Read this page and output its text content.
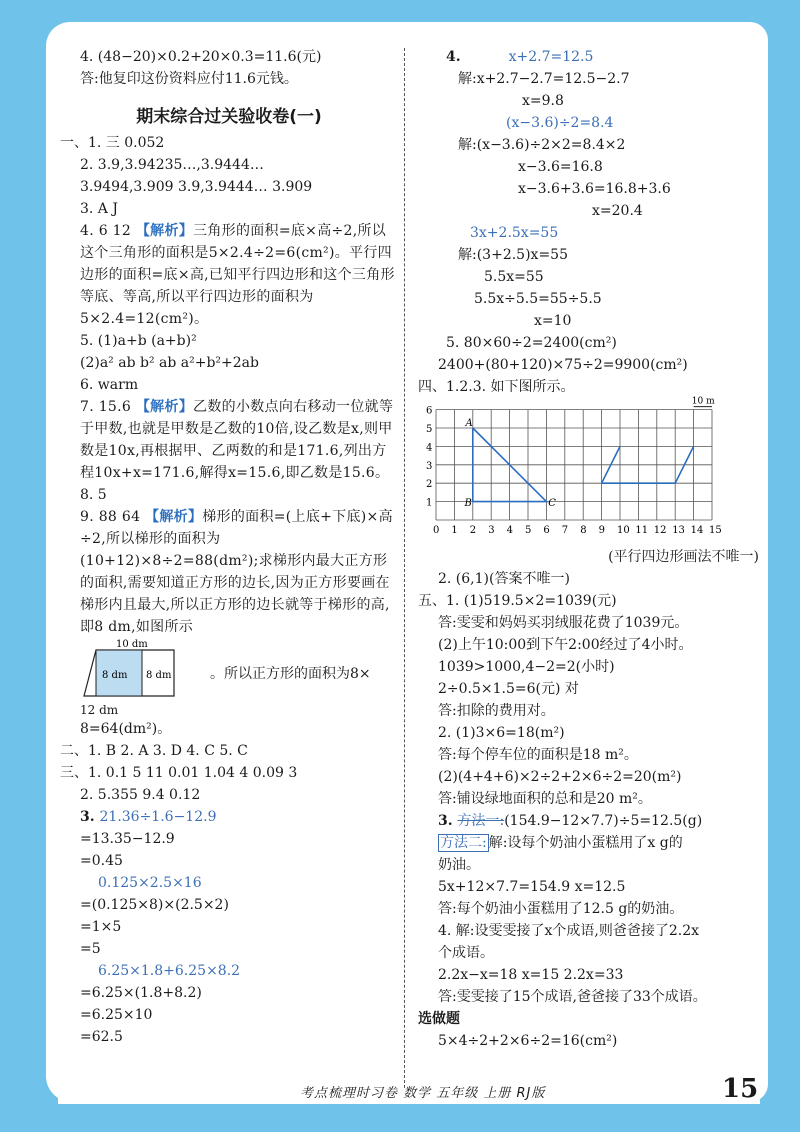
4. (48−20)×0.2+20×0.3=11.6(元)
答:他复印这份资料应付11.6元钱。
期末综合过关验收卷(一)
一、1. 三 0.052
2. 3.9,3.94235…,3.9444…
3.9494,3.909 3.9,3.9444… 3.909
3. A J
4. 6 12 【解析】三角形的面积=底×高÷2,所以这个三角形的面积是5×2.4÷2=6(cm²)。平行四边形的面积=底×高,已知平行四边形和这个三角形等底、等高,所以平行四边形的面积为5×2.4=12(cm²)。
5. (1)a+b (a+b)²
(2)a² ab b² ab a²+b²+2ab
6. warm
7. 15.6 【解析】乙数的小数点向右移动一位就等于甲数,也就是甲数是乙数的10倍,设乙数是x,则甲数是10x,再根据甲、乙两数的和是171.6,列出方程10x+x=171.6,解得x=15.6,即乙数是15.6。
8. 5
9. 88 64 【解析】梯形的面积=(上底+下底)×高÷2,所以梯形的面积为(10+12)×8÷2=88(dm²);求梯形内最大正方形的面积,需要知道正方形的边长,因为正方形要画在梯形内且最大,所以正方形的边长就等于梯形的高,即8 dm,如图所示
10 dm
8 dm 8 dm	。所以正方形的面积为8×
12 dm
8=64(dm²)。
二、1. B 2. A 3. D 4. C 5. C
三、1. 0.1 5 11 0.01 1.04 4 0.09 3
2. 5.355 9.4 0.12
3. 21.36÷1.6−12.9
=13.35−12.9
=0.45
0.125×2.5×16
=(0.125×8)×(2.5×2)
=1×5
=5
6.25×1.8+6.25×8.2
=6.25×(1.8+8.2)
=6.25×10
=62.5
4.	x+2.7=12.5
解:x+2.7−2.7=12.5−2.7
x=9.8
(x−3.6)÷2=8.4
解:(x−3.6)÷2×2=8.4×2
x−3.6=16.8
x−3.6+3.6=16.8+3.6
x=20.4
3x+2.5x=55
解:(3+2.5)x=55
5.5x=55
5.5x÷5.5=55÷5.5
x=10
5. 80×60÷2=2400(cm²)
2400+(80+120)×75÷2=9900(cm²)
四、1.2.3. 如下图所示。
0 1 2 3 4 5 6 7 8 9 10 11 12 13 14 15
1
2
3
4
5
6
10 m
A
B	C
(平行四边形画法不唯一)
2. (6,1)(答案不唯一)
五、1. (1)519.5×2=1039(元)
答:雯雯和妈妈买羽绒服花费了1039元。
(2)上午10:00到下午2:00经过了4小时。
1039>1000,4−2=2(小时)
2÷0.5×1.5=6(元) 对
答:扣除的费用对。
2. (1)3×6=18(m²)
答:每个停车位的面积是18 m²。
(2)(4+4+6)×2÷2+2×6÷2=20(m²)
答:铺设绿地面积的总和是20 m²。
3. 方法一:(154.9−12×7.7)÷5=12.5(g)
方法二: 解:设每个奶油小蛋糕用了x g的
奶油。
5x+12×7.7=154.9 x=12.5
答:每个奶油小蛋糕用了12.5 g的奶油。
4. 解:设雯雯接了x个成语,则爸爸接了2.2x
个成语。
2.2x−x=18 x=15 2.2x=33
答:雯雯接了15个成语,爸爸接了33个成语。
选做题
5×4÷2+2×6÷2=16(cm²)
考点梳理时习卷 数学 五年级 上册 RJ版	15
